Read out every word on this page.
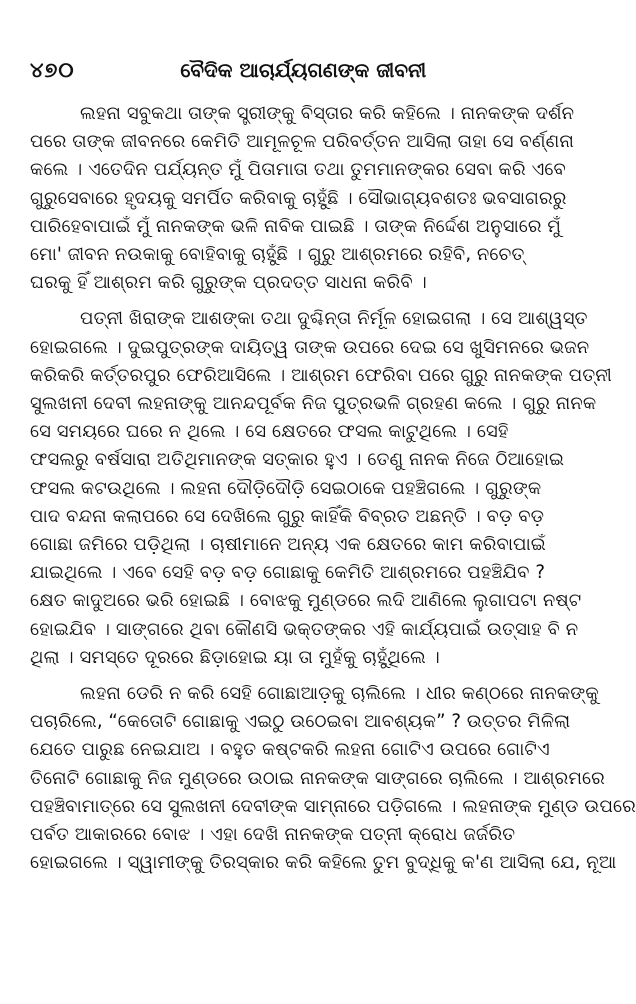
୪୭୦	ବୈଦିକ ଆଚାର୍ଯ୍ୟଗଣଙ୍କ ଜୀବନୀ
ଲହନା ସବୁକଥା ତାଙ୍କ ସ୍ତ୍ରୀଙ୍କୁ ବିସ୍ତାର କରି କହିଲେ । ନାନକଙ୍କ ଦର୍ଶନ
ପରେ ତାଙ୍କ ଜୀବନରେ କେମିତି ଆମୂଳଚୂଳ ପରିବର୍ତ୍ତନ ଆସିଲା ତାହା ସେ ବର୍ଣ୍ଣନା
କଲେ । ଏତେଦିନ ପର୍ଯ୍ୟନ୍ତ ମୁଁ ପିତାମାତା ତଥା ତୁମମାନଙ୍କର ସେବା କରି ଏବେ
ଗୁରୁସେବାରେ ହୃଦୟକୁ ସମର୍ପିତ କରିବାକୁ ଚାହୁଁଛି । ସୌଭାଗ୍ୟବଶତଃ ଭବସାଗରରୁ
ପାରିହେବାପାଇଁ ମୁଁ ନାନକଙ୍କ ଭଳି ନାବିକ ପାଇଛି । ତାଙ୍କ ନିର୍ଦ୍ଦେଶ ଅନୁସାରେ ମୁଁ
ମୋ' ଜୀବନ ନଉକାକୁ ବୋହିବାକୁ ଚାହୁଁଛି । ଗୁରୁ ଆଶ୍ରମରେ ରହିବି, ନଚେତ୍
ଘରକୁ ହିଁ ଆଶ୍ରମ କରି ଗୁରୁଙ୍କ ପ୍ରଦତ୍ତ ସାଧନା କରିବି ।
ପତ୍ନୀ ଖିରାଙ୍କ ଆଶଙ୍କା ତଥା ଦୁଶ୍ଚିନ୍ତା ନିର୍ମୂଳ ହୋଇଗଲା । ସେ ଆଶ୍ୱସ୍ତ
ହୋଇଗଲେ । ଦୁଇପୁତ୍ରଙ୍କ ଦାୟିତ୍ୱ ତାଙ୍କ ଉପରେ ଦେଇ ସେ ଖୁସିମନରେ ଭଜନ
କରିକରି କର୍ତ୍ତରପୁର ଫେରିଆସିଲେ । ଆଶ୍ରମ ଫେରିବା ପରେ ଗୁରୁ ନାନକଙ୍କ ପତ୍ନୀ
ସୁଲଖନୀ ଦେବୀ ଲହନାଙ୍କୁ ଆନନ୍ଦପୂର୍ବକ ନିଜ ପୁତ୍ରଭଳି ଗ୍ରହଣ କଲେ । ଗୁରୁ ନାନକ
ସେ ସମୟରେ ଘରେ ନ ଥିଲେ । ସେ କ୍ଷେତରେ ଫସଲ କାଟୁଥିଲେ । ସେହି
ଫସଲରୁ ବର୍ଷସାରା ଅତିଥିମାନଙ୍କ ସତ୍କାର ହୁଏ । ତେଣୁ ନାନକ ନିଜେ ଠିଆହୋଇ
ଫସଲ କଟଉଥିଲେ । ଲହନା ଦୌଡ଼ିଦୌଡ଼ି ସେଇଠାକେ ପହଞ୍ଚିଗଲେ । ଗୁରୁଙ୍କ
ପାଦ ବନ୍ଦନା କଲାପରେ ସେ ଦେଖିଲେ ଗୁରୁ କାହିଁକି ବିବ୍ରତ ଅଛନ୍ତି । ବଡ଼ ବଡ଼
ଗୋଛା ଜମିରେ ପଡ଼ିଥିଲା । ଚାଷୀମାନେ ଅନ୍ୟ ଏକ କ୍ଷେତରେ କାମ କରିବାପାଇଁ
ଯାଇଥିଲେ । ଏବେ ସେହି ବଡ଼ ବଡ଼ ଗୋଛାକୁ କେମିତି ଆଶ୍ରମରେ ପହଞ୍ଚିଯିବ ?
କ୍ଷେତ କାଦୁଅରେ ଭରି ହୋଇଛି । ବୋଝକୁ ମୁଣ୍ଡରେ ଲଦି ଆଣିଲେ ଲୁଗାପଟା ନଷ୍ଟ
ହୋଇଯିବ । ସାଙ୍ଗରେ ଥିବା କୌଣସି ଭକ୍ତଙ୍କର ଏହି କାର୍ଯ୍ୟପାଇଁ ଉତ୍ସାହ ବି ନ
ଥିଲା । ସମସ୍ତେ ଦୂରରେ ଛିଡ଼ାହୋଇ ୟା ତା ମୁହଁକୁ ଚାହୁଁଥିଲେ ।
ଲହନା ଡେରି ନ କରି ସେହି ଗୋଛାଆଡ଼କୁ ଚାଲିଲେ । ଧୀର କଣ୍ଠରେ ନାନକଙ୍କୁ
ପଚାରିଲେ, “କେତୋଟି ଗୋଛାକୁ ଏଇଠୁ ଉଠେଇବା ଆବଶ୍ୟକ” ? ଉତ୍ତର ମିଳିଲା
ଯେତେ ପାରୁଛ ନେଇଯାଅ । ବହୁତ କଷ୍ଟକରି ଲହନା ଗୋଟିଏ ଉପରେ ଗୋଟିଏ
ତିନୋଟି ଗୋଛାକୁ ନିଜ ମୁଣ୍ଡରେ ଉଠାଇ ନାନକଙ୍କ ସାଙ୍ଗରେ ଚାଲିଲେ । ଆଶ୍ରମରେ
ପହଞ୍ଚିବାମାତ୍ରେ ସେ ସୁଲଖନୀ ଦେବୀଙ୍କ ସାମ୍ନାରେ ପଡ଼ିଗଲେ । ଲହନାଙ୍କ ମୁଣ୍ଡ ଉପରେ
ପର୍ବତ ଆକାରରେ ବୋଝ । ଏହା ଦେଖି ନାନକଙ୍କ ପତ୍ନୀ କ୍ରୋଧ ଜର୍ଜରିତ
ହୋଇଗଲେ । ସ୍ୱାମୀଙ୍କୁ ତିରସ୍କାର କରି କହିଲେ ତୁମ ବୁଦ୍ଧିକୁ କ'ଣ ଆସିଲା ଯେ, ନୂଆ
